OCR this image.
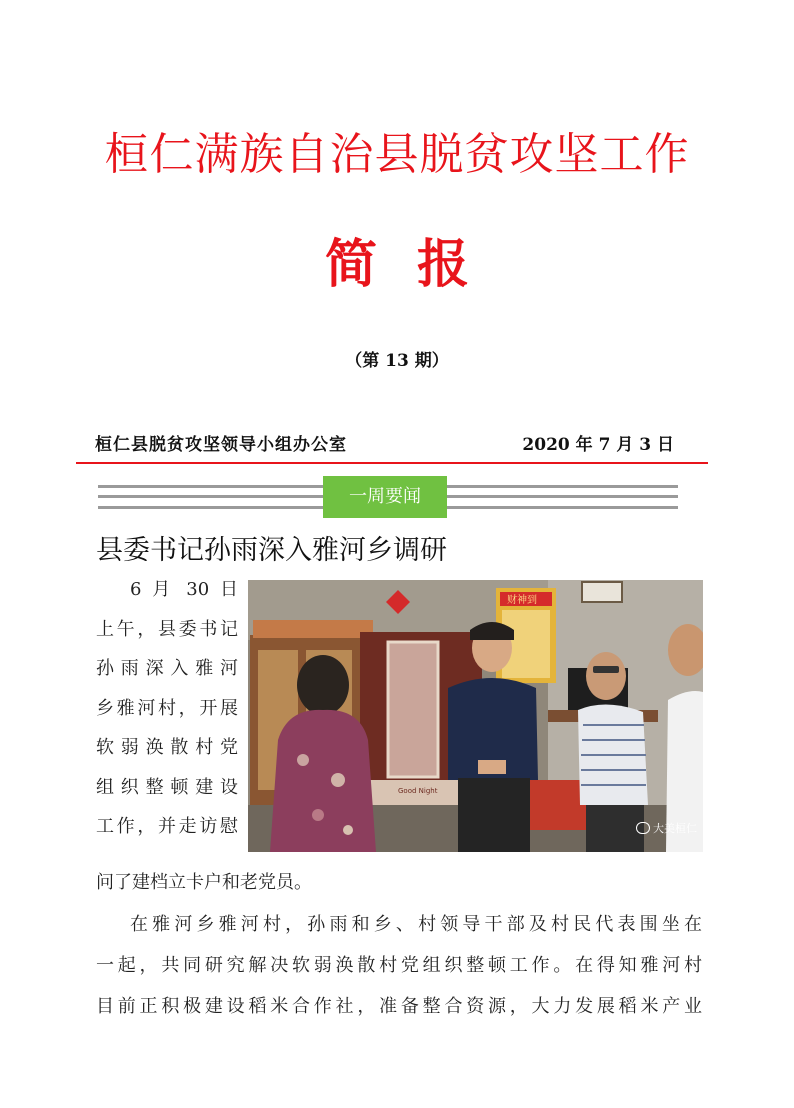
桓仁满族自治县脱贫攻坚工作
简报
（第 13 期）
桓仁县脱贫攻坚领导小组办公室	2020 年 7 月 3 日
一周要闻
县委书记孙雨深入雅河乡调研
6 月 30 日
上午，县委书记
孙雨深入雅河
乡雅河村，开展
软弱涣散村党
组织整顿建设
工作，并走访慰
问了建档立卡户和老党员。
在雅河乡雅河村，孙雨和乡、村领导干部及村民代表围坐在
一起，共同研究解决软弱涣散村党组织整顿工作。在得知雅河村
目前正积极建设稻米合作社，准备整合资源，大力发展稻米产业
Good Night
财神到
大美桓仁
